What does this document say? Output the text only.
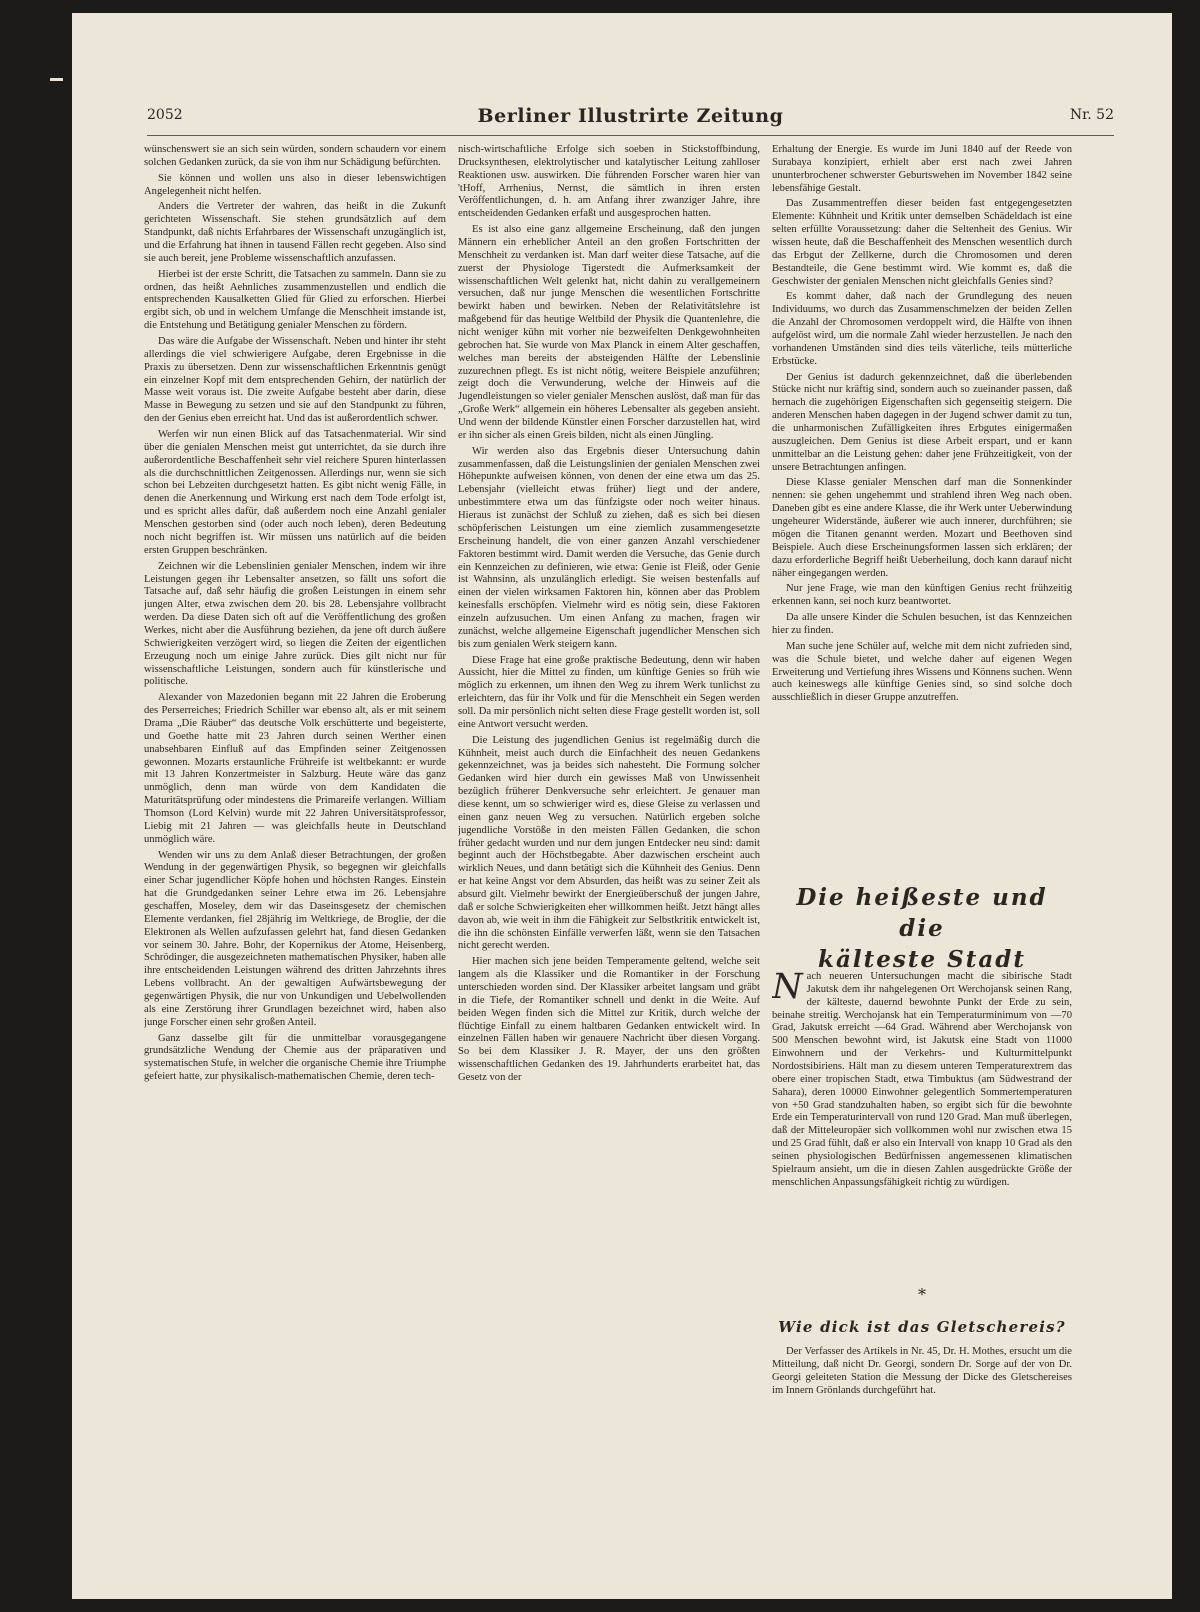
2052	Berliner Illustrirte Zeitung	Nr. 52

wünschenswert sie an sich sein würden, sondern schaudern vor einem solchen Gedanken zurück, da sie von ihm nur Schädigung befürchten.

Sie können und wollen uns also in dieser lebenswichtigen Angelegenheit nicht helfen.

Anders die Vertreter der wahren, das heißt in die Zukunft gerichteten Wissenschaft. Sie stehen grundsätzlich auf dem Standpunkt, daß nichts Erfahrbares der Wissenschaft unzugänglich ist, und die Erfahrung hat ihnen in tausend Fällen recht gegeben. Also sind sie auch bereit, jene Probleme wissenschaftlich anzufassen.

Hierbei ist der erste Schritt, die Tatsachen zu sammeln. Dann sie zu ordnen, das heißt Aehnliches zusammenzustellen und endlich die entsprechenden Kausalketten Glied für Glied zu erforschen. Hierbei ergibt sich, ob und in welchem Umfange die Menschheit imstande ist, die Entstehung und Betätigung genialer Menschen zu fördern.

Das wäre die Aufgabe der Wissenschaft. Neben und hinter ihr steht allerdings die viel schwierigere Aufgabe, deren Ergebnisse in die Praxis zu übersetzen. Denn zur wissenschaftlichen Erkenntnis genügt ein einzelner Kopf mit dem entsprechenden Gehirn, der natürlich der Masse weit voraus ist. Die zweite Aufgabe besteht aber darin, diese Masse in Bewegung zu setzen und sie auf den Standpunkt zu führen, den der Genius eben erreicht hat. Und das ist außerordentlich schwer.

Werfen wir nun einen Blick auf das Tatsachenmaterial. Wir sind über die genialen Menschen meist gut unterrichtet, da sie durch ihre außerordentliche Beschaffenheit sehr viel reichere Spuren hinterlassen als die durchschnittlichen Zeitgenossen. Allerdings nur, wenn sie sich schon bei Lebzeiten durchgesetzt hatten. Es gibt nicht wenig Fälle, in denen die Anerkennung und Wirkung erst nach dem Tode erfolgt ist, und es spricht alles dafür, daß außerdem noch eine Anzahl genialer Menschen gestorben sind (oder auch noch leben), deren Bedeutung noch nicht begriffen ist. Wir müssen uns natürlich auf die beiden ersten Gruppen beschränken.

Zeichnen wir die Lebenslinien genialer Menschen, indem wir ihre Leistungen gegen ihr Lebensalter ansetzen, so fällt uns sofort die Tatsache auf, daß sehr häufig die großen Leistungen in einem sehr jungen Alter, etwa zwischen dem 20. bis 28. Lebensjahre vollbracht werden. Da diese Daten sich oft auf die Veröffentlichung des großen Werkes, nicht aber die Ausführung beziehen, da jene oft durch äußere Schwierigkeiten verzögert wird, so liegen die Zeiten der eigentlichen Erzeugung noch um einige Jahre zurück. Dies gilt nicht nur für wissenschaftliche Leistungen, sondern auch für künstlerische und politische.

Alexander von Mazedonien begann mit 22 Jahren die Eroberung des Perserreiches; Friedrich Schiller war ebenso alt, als er mit seinem Drama „Die Räuber“ das deutsche Volk erschütterte und begeisterte, und Goethe hatte mit 23 Jahren durch seinen Werther einen unabsehbaren Einfluß auf das Empfinden seiner Zeitgenossen gewonnen. Mozarts erstaunliche Frühreife ist weltbekannt: er wurde mit 13 Jahren Konzertmeister in Salzburg. Heute wäre das ganz unmöglich, denn man würde von dem Kandidaten die Maturitätsprüfung oder mindestens die Primareife verlangen. William Thomson (Lord Kelvin) wurde mit 22 Jahren Universitätsprofessor, Liebig mit 21 Jahren — was gleichfalls heute in Deutschland unmöglich wäre.

Wenden wir uns zu dem Anlaß dieser Betrachtungen, der großen Wendung in der gegenwärtigen Physik, so begegnen wir gleichfalls einer Schar jugendlicher Köpfe hohen und höchsten Ranges. Einstein hat die Grundgedanken seiner Lehre etwa im 26. Lebensjahre geschaffen, Moseley, dem wir das Daseinsgesetz der chemischen Elemente verdanken, fiel 28jährig im Weltkriege, de Broglie, der die Elektronen als Wellen aufzufassen gelehrt hat, fand diesen Gedanken vor seinem 30. Jahre. Bohr, der Kopernikus der Atome, Heisenberg, Schrödinger, die ausgezeichneten mathematischen Physiker, haben alle ihre entscheidenden Leistungen während des dritten Jahrzehnts ihres Lebens vollbracht. An der gewaltigen Aufwärtsbewegung der gegenwärtigen Physik, die nur von Unkundigen und Uebelwollenden als eine Zerstörung ihrer Grundlagen bezeichnet wird, haben also junge Forscher einen sehr großen Anteil.

Ganz dasselbe gilt für die unmittelbar vorausgegangene grundsätzliche Wendung der Chemie aus der präparativen und systematischen Stufe, in welcher die organische Chemie ihre Triumphe gefeiert hatte, zur physikalisch-mathematischen Chemie, deren tech-

nisch-wirtschaftliche Erfolge sich soeben in Stickstoffbindung, Drucksynthesen, elektrolytischer und katalytischer Leitung zahlloser Reaktionen usw. auswirken. Die führenden Forscher waren hier van 'tHoff, Arrhenius, Nernst, die sämtlich in ihren ersten Veröffentlichungen, d. h. am Anfang ihrer zwanziger Jahre, ihre entscheidenden Gedanken erfaßt und ausgesprochen hatten.

Es ist also eine ganz allgemeine Erscheinung, daß den jungen Männern ein erheblicher Anteil an den großen Fortschritten der Menschheit zu verdanken ist. Man darf weiter diese Tatsache, auf die zuerst der Physiologe Tigerstedt die Aufmerksamkeit der wissenschaftlichen Welt gelenkt hat, nicht dahin zu verallgemeinern versuchen, daß nur junge Menschen die wesentlichen Fortschritte bewirkt haben und bewirken. Neben der Relativitätslehre ist maßgebend für das heutige Weltbild der Physik die Quantenlehre, die nicht weniger kühn mit vorher nie bezweifelten Denkgewohnheiten gebrochen hat. Sie wurde von Max Planck in einem Alter geschaffen, welches man bereits der absteigenden Hälfte der Lebenslinie zuzurechnen pflegt. Es ist nicht nötig, weitere Beispiele anzuführen; zeigt doch die Verwunderung, welche der Hinweis auf die Jugendleistungen so vieler genialer Menschen auslöst, daß man für das „Große Werk“ allgemein ein höheres Lebensalter als gegeben ansieht. Und wenn der bildende Künstler einen Forscher darzustellen hat, wird er ihn sicher als einen Greis bilden, nicht als einen Jüngling.

Wir werden also das Ergebnis dieser Untersuchung dahin zusammenfassen, daß die Leistungslinien der genialen Menschen zwei Höhepunkte aufweisen können, von denen der eine etwa um das 25. Lebensjahr (vielleicht etwas früher) liegt und der andere, unbestimmtere etwa um das fünfzigste oder noch weiter hinaus. Hieraus ist zunächst der Schluß zu ziehen, daß es sich bei diesen schöpferischen Leistungen um eine ziemlich zusammengesetzte Erscheinung handelt, die von einer ganzen Anzahl verschiedener Faktoren bestimmt wird. Damit werden die Versuche, das Genie durch ein Kennzeichen zu definieren, wie etwa: Genie ist Fleiß, oder Genie ist Wahnsinn, als unzulänglich erledigt. Sie weisen bestenfalls auf einen der vielen wirksamen Faktoren hin, können aber das Problem keinesfalls erschöpfen. Vielmehr wird es nötig sein, diese Faktoren einzeln aufzusuchen. Um einen Anfang zu machen, fragen wir zunächst, welche allgemeine Eigenschaft jugendlicher Menschen sich bis zum genialen Werk steigern kann.

Diese Frage hat eine große praktische Bedeutung, denn wir haben Aussicht, hier die Mittel zu finden, um künftige Genies so früh wie möglich zu erkennen, um ihnen den Weg zu ihrem Werk tunlichst zu erleichtern, das für ihr Volk und für die Menschheit ein Segen werden soll. Da mir persönlich nicht selten diese Frage gestellt worden ist, soll eine Antwort versucht werden.

Die Leistung des jugendlichen Genius ist regelmäßig durch die Kühnheit, meist auch durch die Einfachheit des neuen Gedankens gekennzeichnet, was ja beides sich nahesteht. Die Formung solcher Gedanken wird hier durch ein gewisses Maß von Unwissenheit bezüglich früherer Denkversuche sehr erleichtert. Je genauer man diese kennt, um so schwieriger wird es, diese Gleise zu verlassen und einen ganz neuen Weg zu versuchen. Natürlich ergeben solche jugendliche Vorstöße in den meisten Fällen Gedanken, die schon früher gedacht wurden und nur dem jungen Entdecker neu sind: damit beginnt auch der Höchstbegabte. Aber dazwischen erscheint auch wirklich Neues, und dann betätigt sich die Kühnheit des Genius. Denn er hat keine Angst vor dem Absurden, das heißt was zu seiner Zeit als absurd gilt. Vielmehr bewirkt der Energieüberschuß der jungen Jahre, daß er solche Schwierigkeiten eher willkommen heißt. Jetzt hängt alles davon ab, wie weit in ihm die Fähigkeit zur Selbstkritik entwickelt ist, die ihn die schönsten Einfälle verwerfen läßt, wenn sie den Tatsachen nicht gerecht werden.

Hier machen sich jene beiden Temperamente geltend, welche seit langem als die Klassiker und die Romantiker in der Forschung unterschieden worden sind. Der Klassiker arbeitet langsam und gräbt in die Tiefe, der Romantiker schnell und denkt in die Weite. Auf beiden Wegen finden sich die Mittel zur Kritik, durch welche der flüchtige Einfall zu einem haltbaren Gedanken entwickelt wird. In einzelnen Fällen haben wir genauere Nachricht über diesen Vorgang. So bei dem Klassiker J. R. Mayer, der uns den größten wissenschaftlichen Gedanken des 19. Jahrhunderts erarbeitet hat, das Gesetz von der

Erhaltung der Energie. Es wurde im Juni 1840 auf der Reede von Surabaya konzipiert, erhielt aber erst nach zwei Jahren ununterbrochener schwerster Geburtswehen im November 1842 seine lebensfähige Gestalt.

Das Zusammentreffen dieser beiden fast entgegengesetzten Elemente: Kühnheit und Kritik unter demselben Schädeldach ist eine selten erfüllte Voraussetzung: daher die Seltenheit des Genius. Wir wissen heute, daß die Beschaffenheit des Menschen wesentlich durch das Erbgut der Zellkerne, durch die Chromosomen und deren Bestandteile, die Gene bestimmt wird. Wie kommt es, daß die Geschwister der genialen Menschen nicht gleichfalls Genies sind?

Es kommt daher, daß nach der Grundlegung des neuen Individuums, wo durch das Zusammenschmelzen der beiden Zellen die Anzahl der Chromosomen verdoppelt wird, die Hälfte von ihnen aufgelöst wird, um die normale Zahl wieder herzustellen. Je nach den vorhandenen Umständen sind dies teils väterliche, teils mütterliche Erbstücke.

Der Genius ist dadurch gekennzeichnet, daß die überlebenden Stücke nicht nur kräftig sind, sondern auch so zueinander passen, daß hernach die zugehörigen Eigenschaften sich gegenseitig steigern. Die anderen Menschen haben dagegen in der Jugend schwer damit zu tun, die unharmonischen Zufälligkeiten ihres Erbgutes einigermaßen auszugleichen. Dem Genius ist diese Arbeit erspart, und er kann unmittelbar an die Leistung gehen: daher jene Frühzeitigkeit, von der unsere Betrachtungen anfingen.

Diese Klasse genialer Menschen darf man die Sonnenkinder nennen: sie gehen ungehemmt und strahlend ihren Weg nach oben. Daneben gibt es eine andere Klasse, die ihr Werk unter Ueberwindung ungeheurer Widerstände, äußerer wie auch innerer, durchführen; sie mögen die Titanen genannt werden. Mozart und Beethoven sind Beispiele. Auch diese Erscheinungsformen lassen sich erklären; der dazu erforderliche Begriff heißt Ueberheilung, doch kann darauf nicht näher eingegangen werden.

Nur jene Frage, wie man den künftigen Genius recht frühzeitig erkennen kann, sei noch kurz beantwortet.

Da alle unsere Kinder die Schulen besuchen, ist das Kennzeichen hier zu finden.

Man suche jene Schüler auf, welche mit dem nicht zufrieden sind, was die Schule bietet, und welche daher auf eigenen Wegen Erweiterung und Vertiefung ihres Wissens und Könnens suchen. Wenn auch keineswegs alle künftige Genies sind, so sind solche doch ausschließlich in dieser Gruppe anzutreffen.

Die heißeste und die
kälteste Stadt
Nach neueren Untersuchungen macht die sibirische Stadt Jakutsk dem ihr nahgelegenen Ort Werchojansk seinen Rang, der kälteste, dauernd bewohnte Punkt der Erde zu sein, beinahe streitig. Werchojansk hat ein Temperaturminimum von —70 Grad, Jakutsk erreicht —64 Grad. Während aber Werchojansk von 500 Menschen bewohnt wird, ist Jakutsk eine Stadt von 11000 Einwohnern und der Verkehrs- und Kulturmittelpunkt Nordostsibiriens. Hält man zu diesem unteren Temperaturextrem das obere einer tropischen Stadt, etwa Timbuktus (am Südwestrand der Sahara), deren 10000 Einwohner gelegentlich Sommertemperaturen von +50 Grad standzuhalten haben, so ergibt sich für die bewohnte Erde ein Temperaturintervall von rund 120 Grad. Man muß überlegen, daß der Mitteleuropäer sich vollkommen wohl nur zwischen etwa 15 und 25 Grad fühlt, daß er also ein Intervall von knapp 10 Grad als den seinen physiologischen Bedürfnissen angemessenen klimatischen Spielraum ansieht, um die in diesen Zahlen ausgedrückte Größe der menschlichen Anpassungsfähigkeit richtig zu würdigen.
*
Wie dick ist das Gletschereis?

Der Verfasser des Artikels in Nr. 45, Dr. H. Mothes, ersucht um die Mitteilung, daß nicht Dr. Georgi, sondern Dr. Sorge auf der von Dr. Georgi geleiteten Station die Messung der Dicke des Gletschereises im Innern Grönlands durchgeführt hat.
